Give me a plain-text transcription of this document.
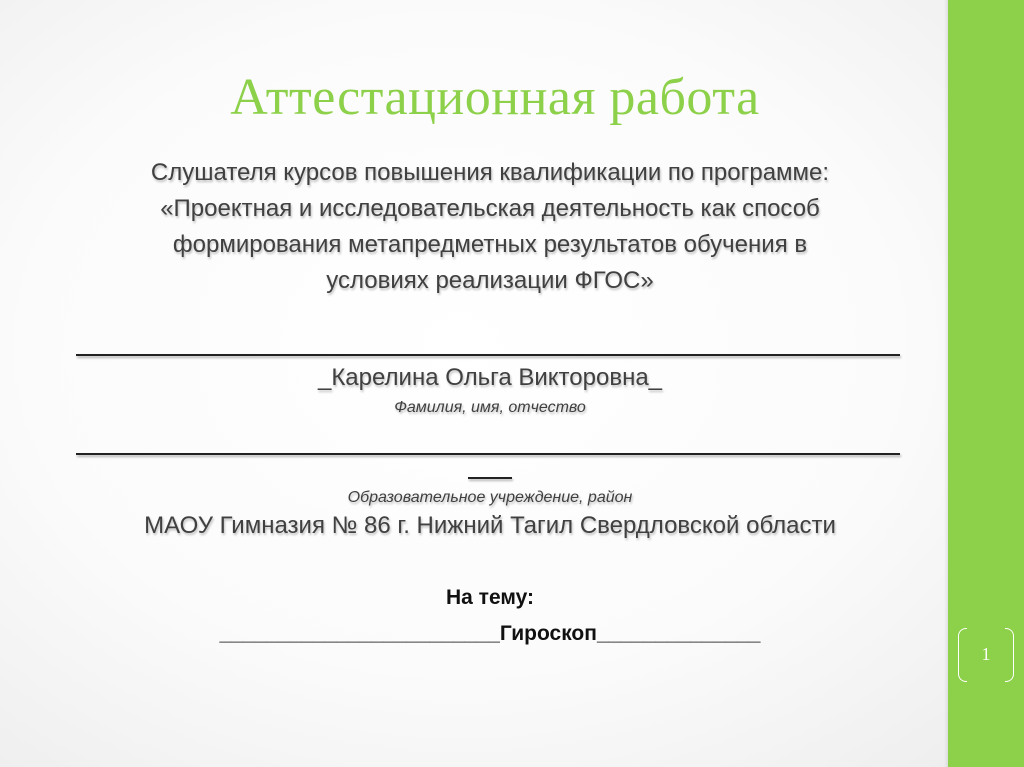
Аттестационная работа
Слушателя курсов повышения квалификации по программе:
«Проектная и исследовательская деятельность как способ
формирования метапредметных результатов обучения в
условиях реализации ФГОС»
_Карелина Ольга Викторовна_
Фамилия, имя, отчество
Образовательное учреждение, район
МАОУ Гимназия № 86 г. Нижний Тагил Свердловской области
На тему:
________________________Гироскоп______________
1
